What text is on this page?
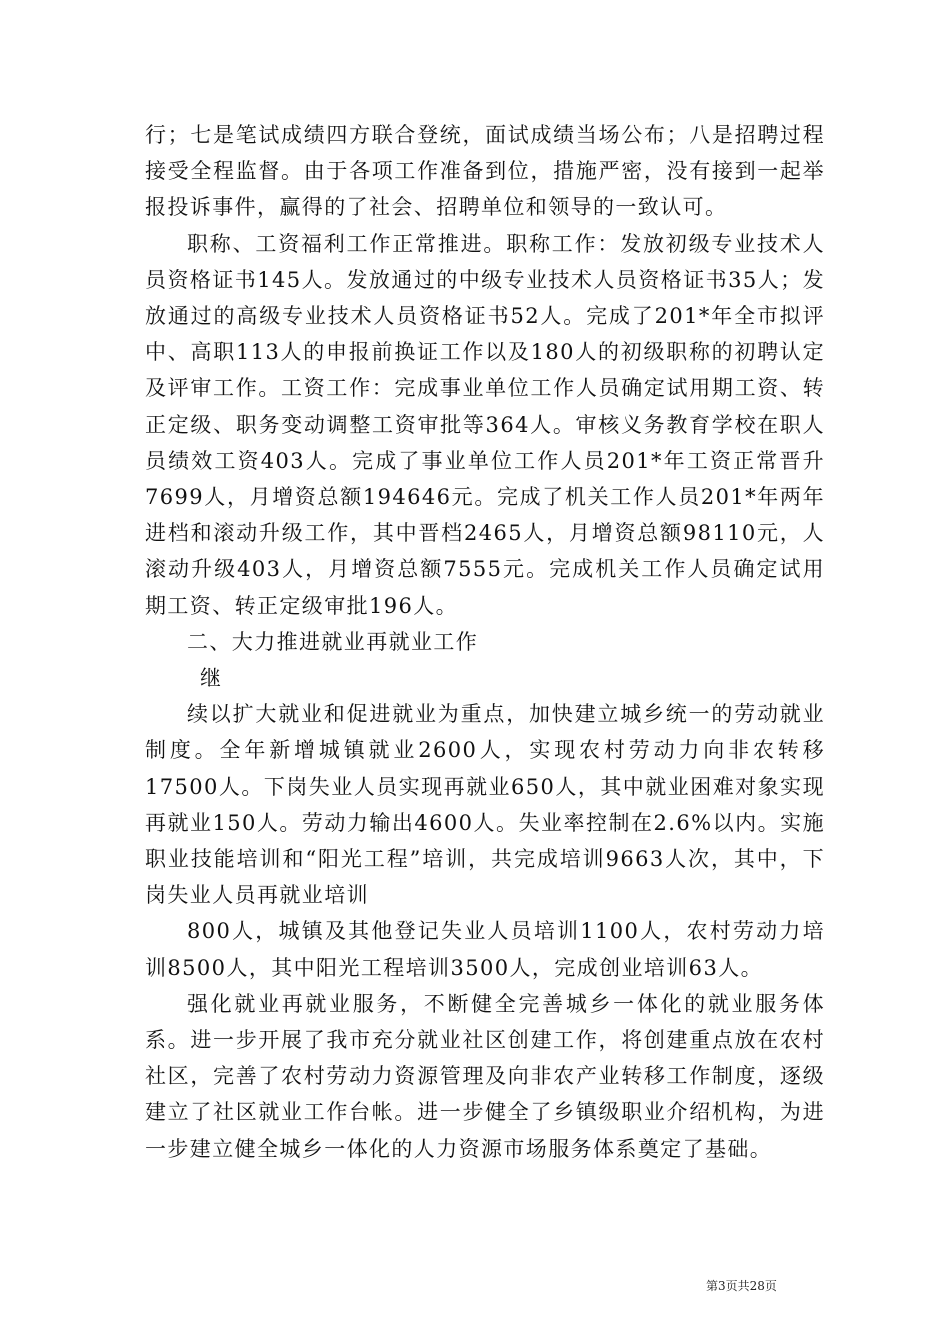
行；七是笔试成绩四方联合登统，面试成绩当场公布；八是招聘过程接受全程监督。由于各项工作准备到位，措施严密，没有接到一起举报投诉事件，赢得的了社会、招聘单位和领导的一致认可。

职称、工资福利工作正常推进。职称工作：发放初级专业技术人员资格证书145人。发放通过的中级专业技术人员资格证书35人；发放通过的高级专业技术人员资格证书52人。完成了201*年全市拟评中、高职113人的申报前换证工作以及180人的初级职称的初聘认定及评审工作。工资工作：完成事业单位工作人员确定试用期工资、转正定级、职务变动调整工资审批等364人。审核义务教育学校在职人员绩效工资403人。完成了事业单位工作人员201*年工资正常晋升7699人，月增资总额194646元。完成了机关工作人员201*年两年进档和滚动升级工作，其中晋档2465人，月增资总额98110元，人滚动升级403人，月增资总额7555元。完成机关工作人员确定试用期工资、转正定级审批196人。

二、大力推进就业再就业工作

继

续以扩大就业和促进就业为重点，加快建立城乡统一的劳动就业制度。全年新增城镇就业2600人，实现农村劳动力向非农转移17500人。下岗失业人员实现再就业650人，其中就业困难对象实现再就业150人。劳动力输出4600人。失业率控制在2.6%以内。实施职业技能培训和“阳光工程”培训，共完成培训9663人次，其中，下岗失业人员再就业培训

800人，城镇及其他登记失业人员培训1100人，农村劳动力培训8500人，其中阳光工程培训3500人，完成创业培训63人。

强化就业再就业服务，不断健全完善城乡一体化的就业服务体系。进一步开展了我市充分就业社区创建工作，将创建重点放在农村社区，完善了农村劳动力资源管理及向非农产业转移工作制度，逐级建立了社区就业工作台帐。进一步健全了乡镇级职业介绍机构，为进一步建立健全城乡一体化的人力资源市场服务体系奠定了基础。

第3页共28页
